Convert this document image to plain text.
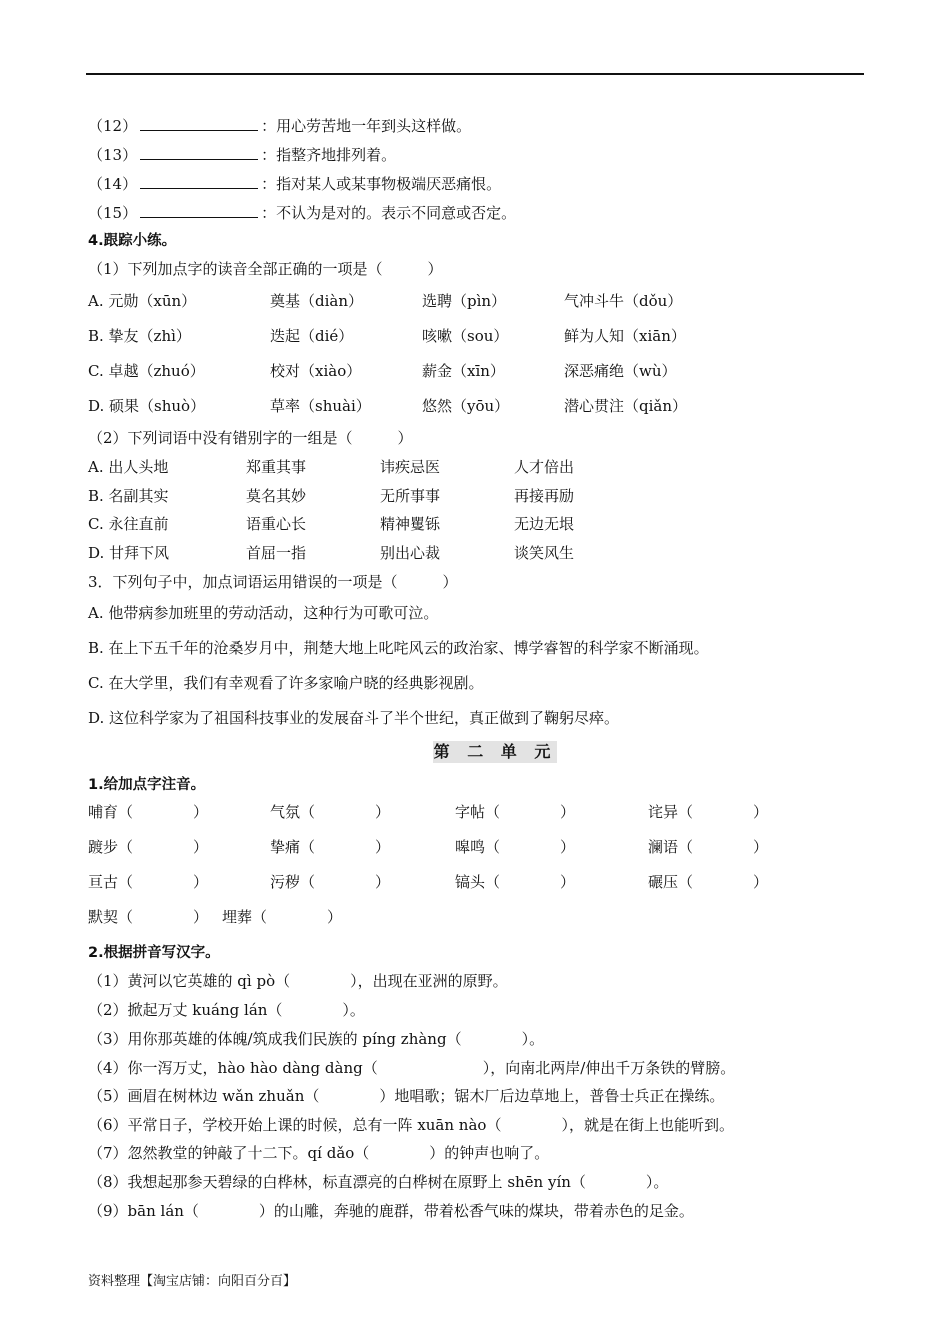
（12）	：用心劳苦地一年到头这样做。
（13）	：指整齐地排列着。
（14）	：指对某人或某事物极端厌恶痛恨。
（15）	：不认为是对的。表示不同意或否定。
4.跟踪小练。
（1）下列加点字的读音全部正确的一项是（　　　）
A. 元勋（xūn）	奠基（diàn）	选聘（pìn）	气冲斗牛（dǒu）
B. 挚友（zhì）	迭起（dié）	咳嗽（sou）	鲜为人知（xiān）
C. 卓越（zhuó）	校对（xiào）	薪金（xīn）	深恶痛绝（wù）
D. 硕果（shuò）	草率（shuài）	悠然（yōu）	潜心贯注（qiǎn）
（2）下列词语中没有错别字的一组是（　　　）
A. 出人头地	郑重其事	讳疾忌医	人才倍出
B. 名副其实	莫名其妙	无所事事	再接再励
C. 永往直前	语重心长	精神矍铄	无边无垠
D. 甘拜下风	首屈一指	别出心裁	谈笑风生
3．下列句子中，加点词语运用错误的一项是（　　　）
A. 他带病参加班里的劳动活动，这种行为可歌可泣。
B. 在上下五千年的沧桑岁月中，荆楚大地上叱咤风云的政治家、博学睿智的科学家不断涌现。
C. 在大学里，我们有幸观看了许多家喻户晓的经典影视剧。
D. 这位科学家为了祖国科技事业的发展奋斗了半个世纪，真正做到了鞠躬尽瘁。
第 二 单 元
1.给加点字注音。
哺育（　　　　）	气氛（　　　　）	字帖（　　　　）	诧异（　　　　）
踱步（　　　　）	挚痛（　　　　）	嗥鸣（　　　　）	澜语（　　　　）
亘古（　　　　）	污秽（　　　　）	镐头（　　　　）	碾压（　　　　）
默契（　　　　） 埋葬（　　　　）
2.根据拼音写汉字。
（1）黄河以它英雄的 qì pò（　　　　），出现在亚洲的原野。
（2）掀起万丈 kuáng lán（　　　　）。
（3）用你那英雄的体魄/筑成我们民族的 píng zhàng（　　　　）。
（4）你一泻万丈，hào hào dàng dàng（　　　　　　　），向南北两岸/伸出千万条铁的臂膀。
（5）画眉在树林边 wǎn zhuǎn（　　　　）地唱歌；锯木厂后边草地上，普鲁士兵正在操练。
（6）平常日子，学校开始上课的时候，总有一阵 xuān nào（　　　　），就是在街上也能听到。
（7）忽然教堂的钟敲了十二下。qí dǎo（　　　　）的钟声也响了。
（8）我想起那参天碧绿的白桦林，标直漂亮的白桦树在原野上 shēn yín（　　　　）。
（9）bān lán（　　　　）的山雕，奔驰的鹿群，带着松香气味的煤块，带着赤色的足金。
资料整理【淘宝店铺：向阳百分百】
